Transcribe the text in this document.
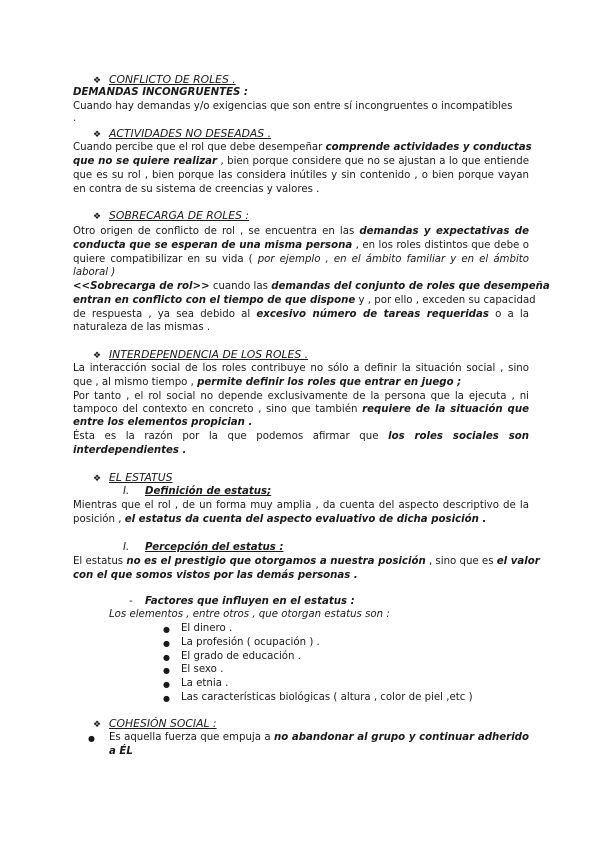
❖ CONFLICTO DE ROLES .
DEMANDAS INCONGRUENTES :
Cuando hay demandas y/o exigencias que son entre sí incongruentes o incompatibles
.
❖ ACTIVIDADES NO DESEADAS .
Cuando percibe que el rol que debe desempeñar comprende actividades y conductas
que no se quiere realizar , bien porque considere que no se ajustan a lo que entiende
que es su rol , bien porque las considera inútiles y sin contenido , o bien porque vayan
en contra de su sistema de creencias y valores .
❖ SOBRECARGA DE ROLES :
Otro origen de conflicto de rol , se encuentra en las demandas y expectativas de
conducta que se esperan de una misma persona , en los roles distintos que debe o
quiere compatibilizar en su vida ( por ejemplo , en el ámbito familiar y en el ámbito
laboral )
<<Sobrecarga de rol>> cuando las demandas del conjunto de roles que desempeña
entran en conflicto con el tiempo de que dispone y , por ello , exceden su capacidad
de respuesta , ya sea debido al excesivo número de tareas requeridas o a la
naturaleza de las mismas .
❖ INTERDEPENDENCIA DE LOS ROLES .
La interacción social de los roles contribuye no sólo a definir la situación social , sino
que , al mismo tiempo , permite definir los roles que entrar en juego ;
Por tanto , el rol social no depende exclusivamente de la persona que la ejecuta , ni
tampoco del contexto en concreto , sino que también requiere de la situación que
entre los elementos propician .
Ésta es la razón por la que podemos afirmar que los roles sociales son
interdependientes .
❖ EL ESTATUS
I. Definición de estatus;
Mientras que el rol , de un forma muy amplia , da cuenta del aspecto descriptivo de la
posición , el estatus da cuenta del aspecto evaluativo de dicha posición .
I. Percepción del estatus :
El estatus no es el prestigio que otorgamos a nuestra posición , sino que es el valor
con el que somos vistos por las demás personas .
- Factores que influyen en el estatus :
Los elementos , entre otros , que otorgan estatus son :
● El dinero .
● La profesión ( ocupación ) .
● El grado de educación .
● El sexo .
● La etnia .
● Las características biológicas ( altura , color de piel ,etc )
❖ COHESIÓN SOCIAL :
● Es aquella fuerza que empuja a no abandonar al grupo y continuar adherido
a ÉL
